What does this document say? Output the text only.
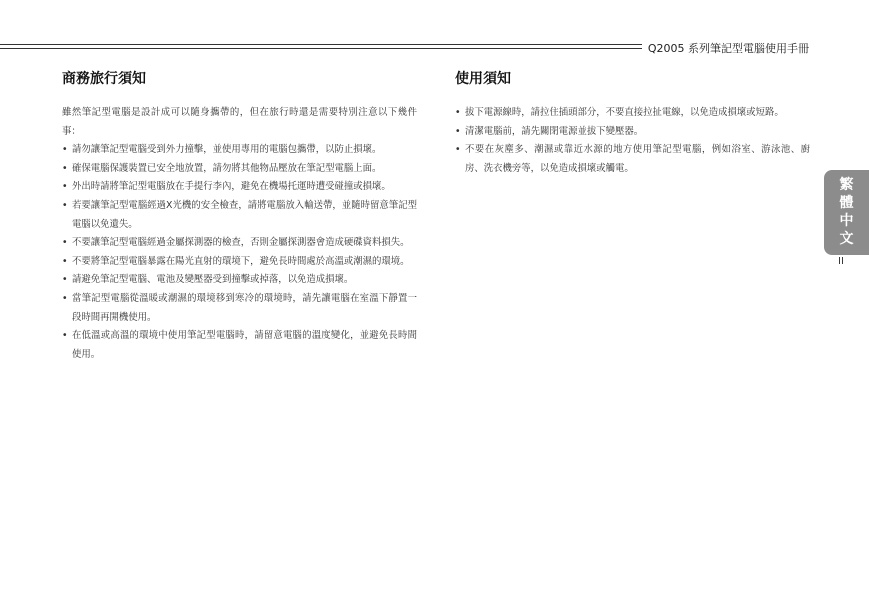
Q2005 系列筆記型電腦使用手冊
商務旅行須知

雖然筆記型電腦是設計成可以隨身攜帶的，但在旅行時還是需要特別注意以下幾件事：

• 請勿讓筆記型電腦受到外力撞擊，並使用專用的電腦包攜帶，以防止損壞。
• 確保電腦保護裝置已安全地放置，請勿將其他物品壓放在筆記型電腦上面。
• 外出時請將筆記型電腦放在手提行李內，避免在機場托運時遭受碰撞或損壞。
• 若要讓筆記型電腦經過X光機的安全檢查，請將電腦放入輸送帶，並隨時留意筆記型電腦以免遺失。
• 不要讓筆記型電腦經過金屬探測器的檢查，否則金屬探測器會造成硬碟資料損失。
• 不要將筆記型電腦暴露在陽光直射的環境下，避免長時間處於高溫或潮濕的環境。
• 請避免筆記型電腦、電池及變壓器受到撞擊或掉落，以免造成損壞。
• 當筆記型電腦從溫暖或潮濕的環境移到寒冷的環境時，請先讓電腦在室溫下靜置一段時間再開機使用。
• 在低溫或高溫的環境中使用筆記型電腦時，請留意電腦的溫度變化，並避免長時間使用。
使用須知
• 拔下電源線時，請拉住插頭部分，不要直接拉扯電線，以免造成損壞或短路。
• 清潔電腦前，請先關閉電源並拔下變壓器。
• 不要在灰塵多、潮濕或靠近水源的地方使用筆記型電腦，例如浴室、游泳池、廚房、洗衣機旁等，以免造成損壞或觸電。
繁
體
中
文
II
